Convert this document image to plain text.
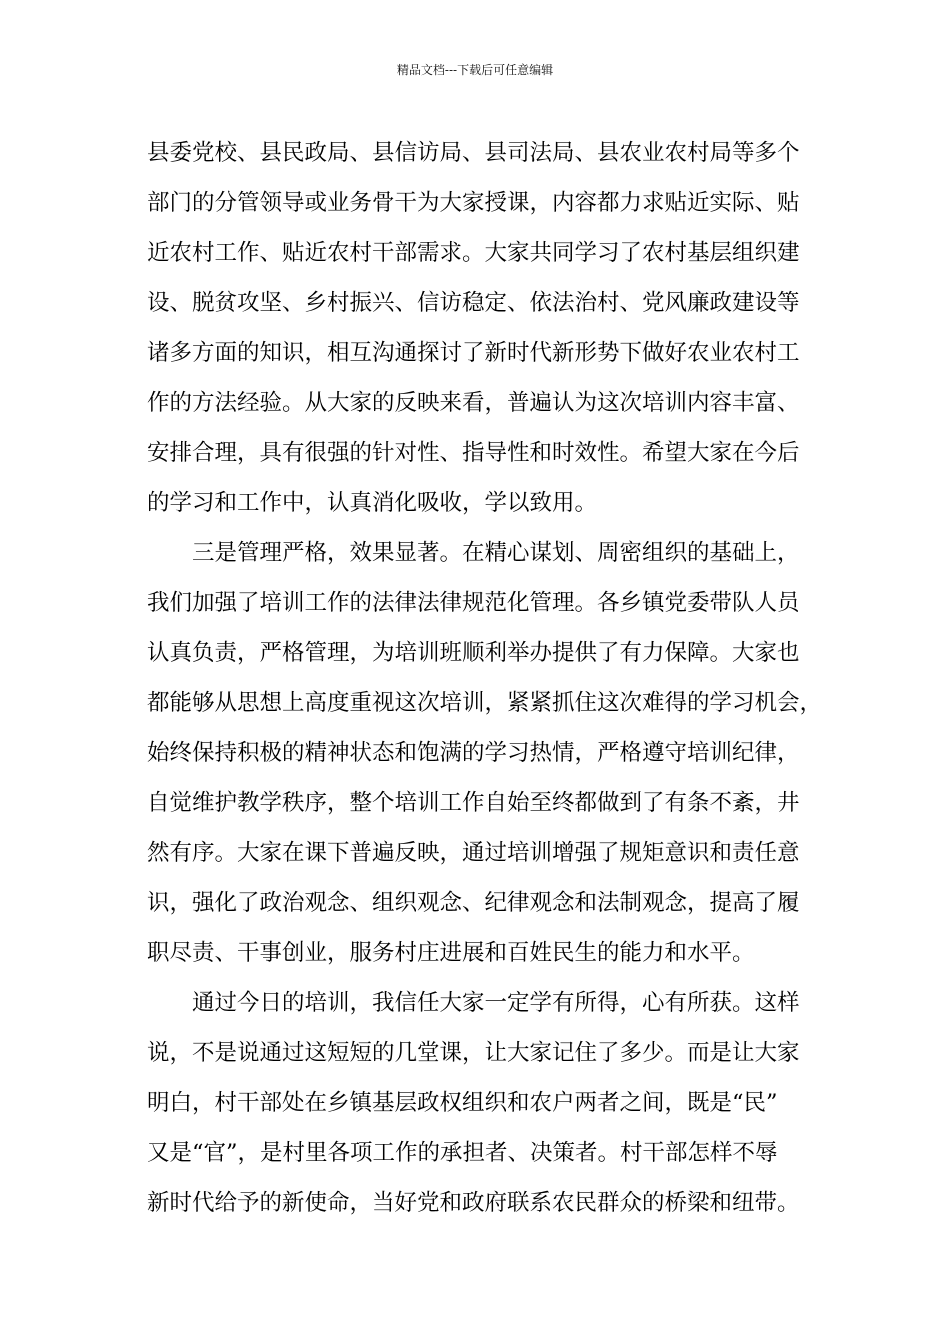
精品文档---下载后可任意编辑
县委党校、县民政局、县信访局、县司法局、县农业农村局等多个
部门的分管领导或业务骨干为大家授课，内容都力求贴近实际、贴
近农村工作、贴近农村干部需求。大家共同学习了农村基层组织建
设、脱贫攻坚、乡村振兴、信访稳定、依法治村、党风廉政建设等
诸多方面的知识，相互沟通探讨了新时代新形势下做好农业农村工
作的方法经验。从大家的反映来看，普遍认为这次培训内容丰富、
安排合理，具有很强的针对性、指导性和时效性。希望大家在今后
的学习和工作中，认真消化吸收，学以致用。
三是管理严格，效果显著。在精心谋划、周密组织的基础上，
我们加强了培训工作的法律法律规范化管理。各乡镇党委带队人员
认真负责，严格管理，为培训班顺利举办提供了有力保障。大家也
都能够从思想上高度重视这次培训，紧紧抓住这次难得的学习机会，
始终保持积极的精神状态和饱满的学习热情，严格遵守培训纪律，
自觉维护教学秩序，整个培训工作自始至终都做到了有条不紊，井
然有序。大家在课下普遍反映，通过培训增强了规矩意识和责任意
识，强化了政治观念、组织观念、纪律观念和法制观念，提高了履
职尽责、干事创业，服务村庄进展和百姓民生的能力和水平。
通过今日的培训，我信任大家一定学有所得，心有所获。这样
说，不是说通过这短短的几堂课，让大家记住了多少。而是让大家
明白，村干部处在乡镇基层政权组织和农户两者之间，既是“民”
又是“官”，是村里各项工作的承担者、决策者。村干部怎样不辱
新时代给予的新使命，当好党和政府联系农民群众的桥梁和纽带。
